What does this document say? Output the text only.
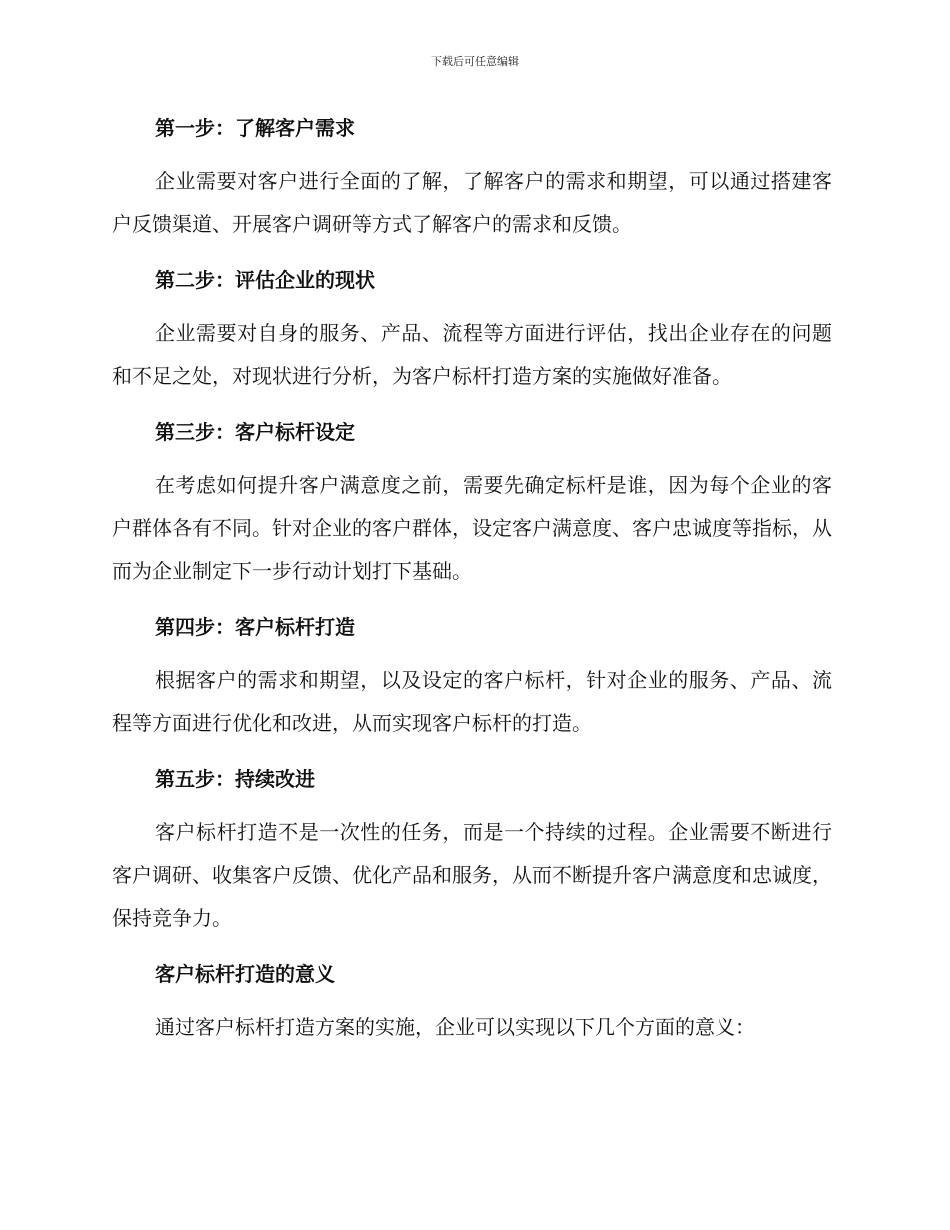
下载后可任意编辑
第一步：了解客户需求

企业需要对客户进行全面的了解，了解客户的需求和期望，可以通过搭建客户反馈渠道、开展客户调研等方式了解客户的需求和反馈。

第二步：评估企业的现状

企业需要对自身的服务、产品、流程等方面进行评估，找出企业存在的问题和不足之处，对现状进行分析，为客户标杆打造方案的实施做好准备。

第三步：客户标杆设定

在考虑如何提升客户满意度之前，需要先确定标杆是谁，因为每个企业的客户群体各有不同。针对企业的客户群体，设定客户满意度、客户忠诚度等指标，从而为企业制定下一步行动计划打下基础。

第四步：客户标杆打造

根据客户的需求和期望，以及设定的客户标杆，针对企业的服务、产品、流程等方面进行优化和改进，从而实现客户标杆的打造。

第五步：持续改进

客户标杆打造不是一次性的任务，而是一个持续的过程。企业需要不断进行客户调研、收集客户反馈、优化产品和服务，从而不断提升客户满意度和忠诚度，保持竞争力。

客户标杆打造的意义

通过客户标杆打造方案的实施，企业可以实现以下几个方面的意义：
